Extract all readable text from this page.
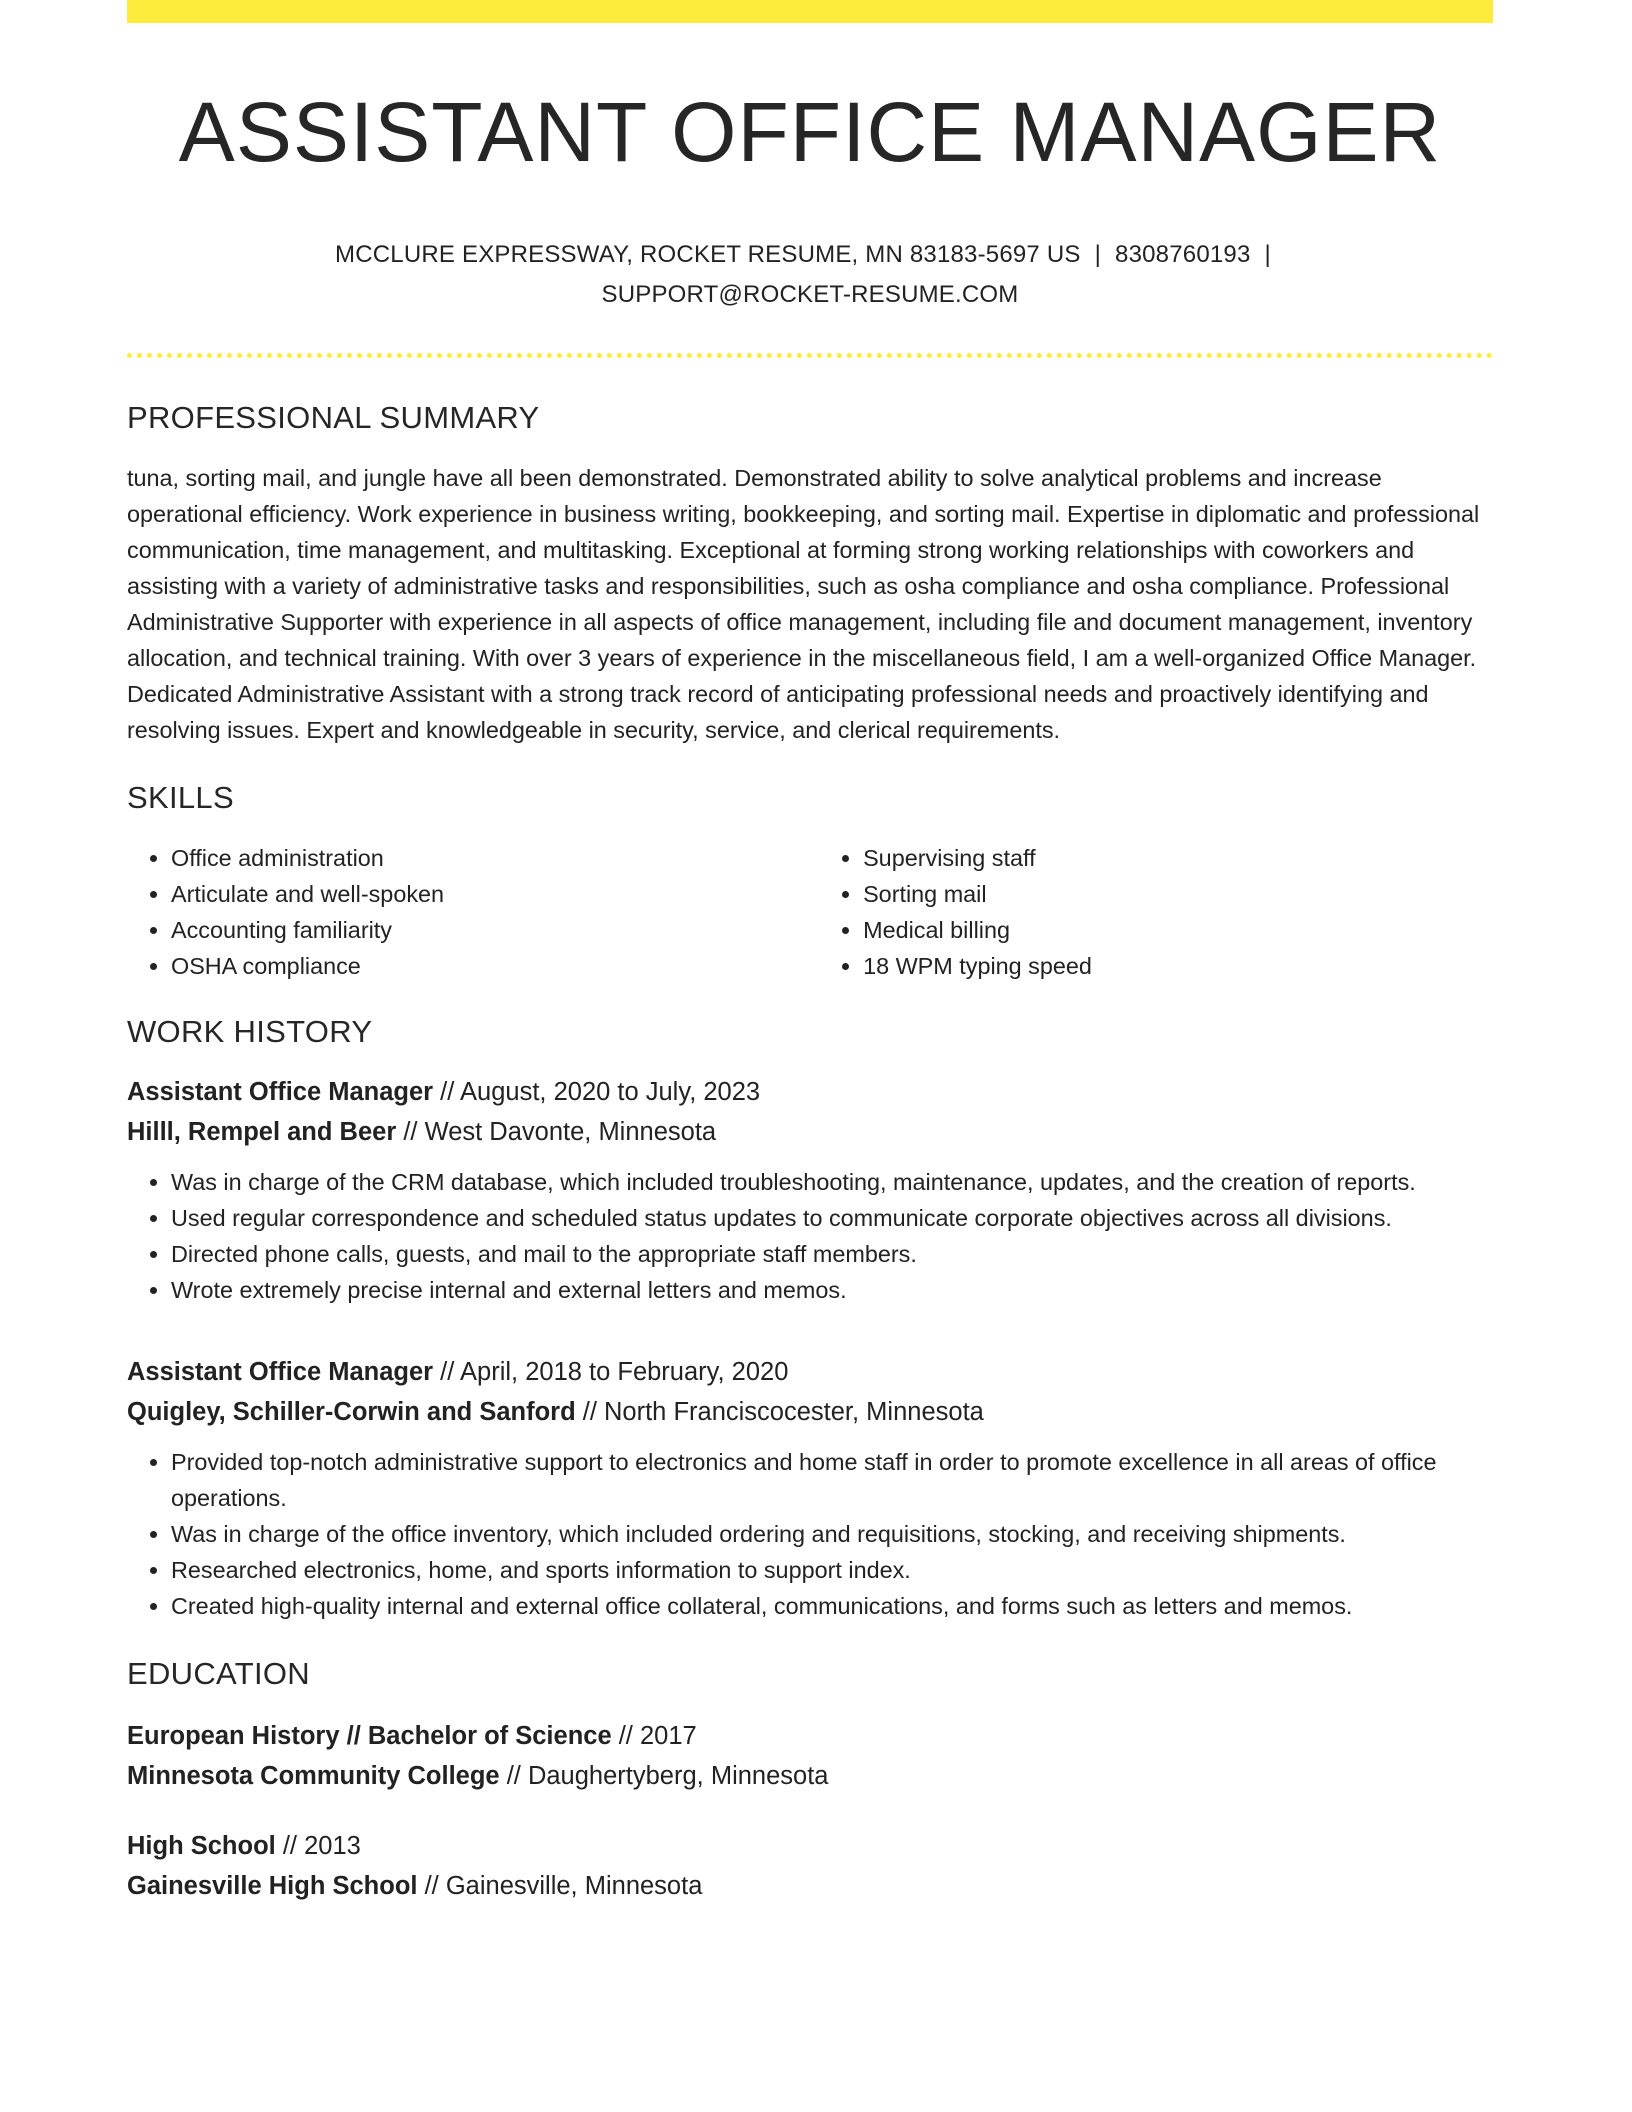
ASSISTANT OFFICE MANAGER
MCCLURE EXPRESSWAY, ROCKET RESUME, MN 83183-5697 US | 8308760193 |
SUPPORT@ROCKET-RESUME.COM
PROFESSIONAL SUMMARY
tuna, sorting mail, and jungle have all been demonstrated. Demonstrated ability to solve analytical problems and increase operational efficiency. Work experience in business writing, bookkeeping, and sorting mail. Expertise in diplomatic and professional communication, time management, and multitasking. Exceptional at forming strong working relationships with coworkers and assisting with a variety of administrative tasks and responsibilities, such as osha compliance and osha compliance. Professional Administrative Supporter with experience in all aspects of office management, including file and document management, inventory allocation, and technical training. With over 3 years of experience in the miscellaneous field, I am a well-organized Office Manager. Dedicated Administrative Assistant with a strong track record of anticipating professional needs and proactively identifying and resolving issues. Expert and knowledgeable in security, service, and clerical requirements.
SKILLS
• Office administration
• Articulate and well-spoken
• Accounting familiarity
• OSHA compliance
• Supervising staff
• Sorting mail
• Medical billing
• 18 WPM typing speed
WORK HISTORY
Assistant Office Manager // August, 2020 to July, 2023
Hilll, Rempel and Beer // West Davonte, Minnesota
• Was in charge of the CRM database, which included troubleshooting, maintenance, updates, and the creation of reports.
• Used regular correspondence and scheduled status updates to communicate corporate objectives across all divisions.
• Directed phone calls, guests, and mail to the appropriate staff members.
• Wrote extremely precise internal and external letters and memos.
Assistant Office Manager // April, 2018 to February, 2020
Quigley, Schiller-Corwin and Sanford // North Franciscocester, Minnesota
• Provided top-notch administrative support to electronics and home staff in order to promote excellence in all areas of office operations.
• Was in charge of the office inventory, which included ordering and requisitions, stocking, and receiving shipments.
• Researched electronics, home, and sports information to support index.
• Created high-quality internal and external office collateral, communications, and forms such as letters and memos.
EDUCATION
European History // Bachelor of Science // 2017
Minnesota Community College // Daughertyberg, Minnesota
High School // 2013
Gainesville High School // Gainesville, Minnesota
